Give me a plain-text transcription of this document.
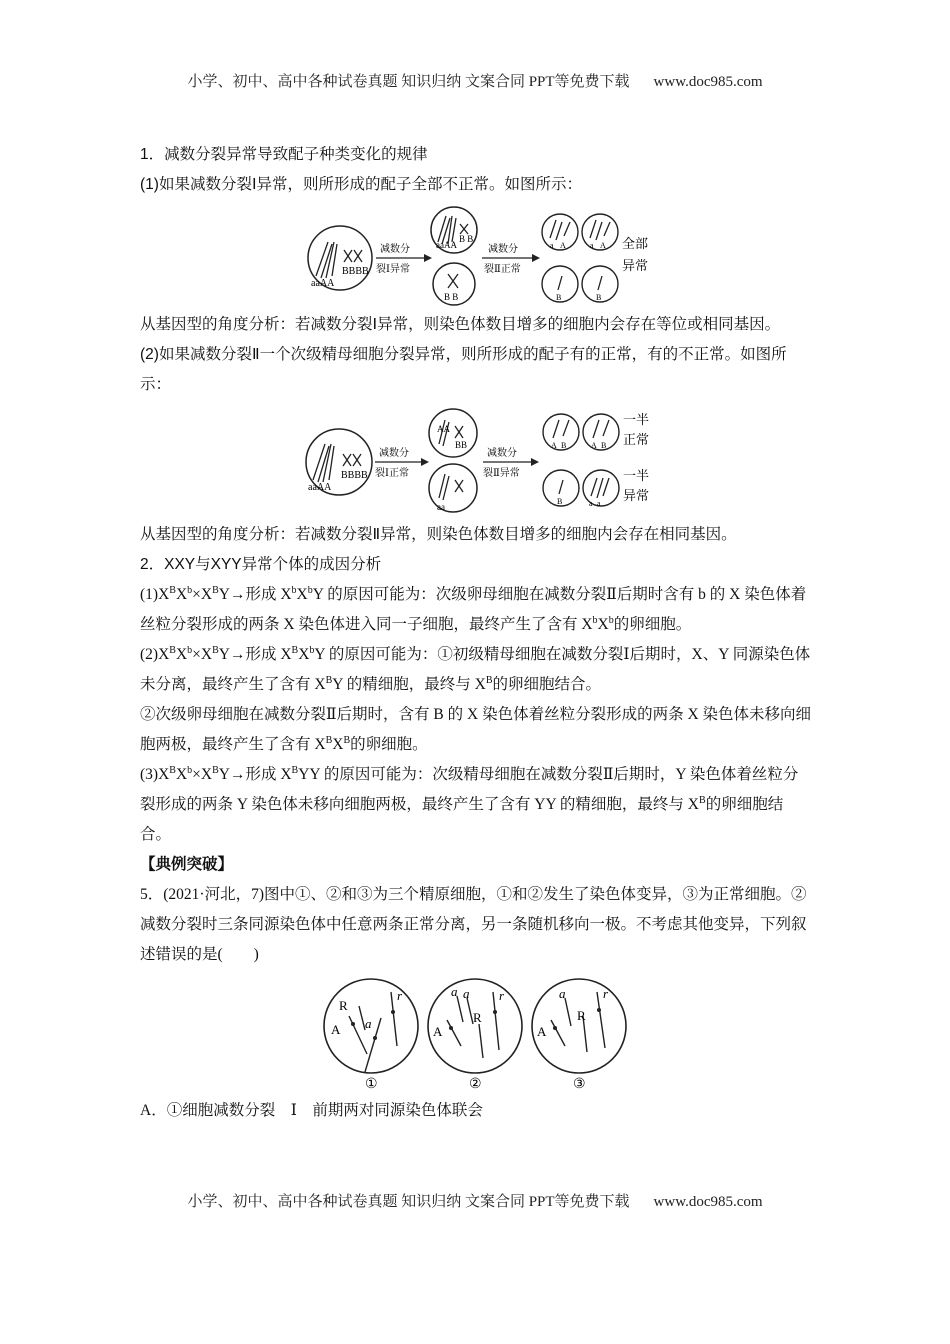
小学、初中、高中各种试卷真题 知识归纳 文案合同 PPT等免费下载 www.doc985.com

1．减数分裂异常导致配子种类变化的规律

(1)如果减数分裂Ⅰ异常，则所形成的配子全部不正常。如图所示：

aaAA
BBBB
减数分
裂Ⅰ异常
aaAA
B B
B B
减数分
裂Ⅱ正常
a A	a A
B	B
全部
异常

从基因型的角度分析：若减数分裂Ⅰ异常，则染色体数目增多的细胞内会存在等位或相同基因。

(2)如果减数分裂Ⅱ一个次级精母细胞分裂异常，则所形成的配子有的正常，有的不正常。如图所示：

aaAA
BBBB
减数分
裂Ⅰ正常
AA
BB
aa
减数分
裂Ⅱ异常
A B	A B
B	a a
一半
正常
一半
异常

从基因型的角度分析：若减数分裂Ⅱ异常，则染色体数目增多的细胞内会存在相同基因。

2．XXY与XYY异常个体的成因分析

$(1)X^BX^b\times X^BY\to$形成 $X^bX^bY$ 的原因可能为：次级卵母细胞在减数分裂Ⅱ后期时含有 b 的 X 染色体着丝粒分裂形成的两条 X 染色体进入同一子细胞，最终产生了含有 $X^bX^b$的卵细胞。

$(2)X^BX^b\times X^BY\to$形成 $X^BX^bY$ 的原因可能为：①初级精母细胞在减数分裂Ⅰ后期时，X、Y 同源染色体未分离，最终产生了含有 $X^BY$ 的精细胞，最终与 $X^B$的卵细胞结合。

②次级卵母细胞在减数分裂Ⅱ后期时，含有 B 的 X 染色体着丝粒分裂形成的两条 X 染色体未移向细胞两极，最终产生了含有 $X^BX^B$的卵细胞。

$(3)X^BX^b\times X^BY\to$形成 $X^BYY$ 的原因可能为：次级精母细胞在减数分裂Ⅱ后期时，Y 染色体着丝粒分裂形成的两条 Y 染色体未移向细胞两极，最终产生了含有 YY 的精细胞，最终与 $X^B$的卵细胞结合。

【典例突破】

5．(2021·河北，7)图中①、②和③为三个精原细胞，①和②发生了染色体变异，③为正常细胞。②减数分裂时三条同源染色体中任意两条正常分离，另一条随机移向一极。不考虑其他变异，下列叙述错误的是(　　)

R
A a
r
①
A
a a
R
r
②
A
a
R
r
③

A．①细胞减数分裂　Ⅰ　前期两对同源染色体联会

小学、初中、高中各种试卷真题 知识归纳 文案合同 PPT等免费下载 www.doc985.com
